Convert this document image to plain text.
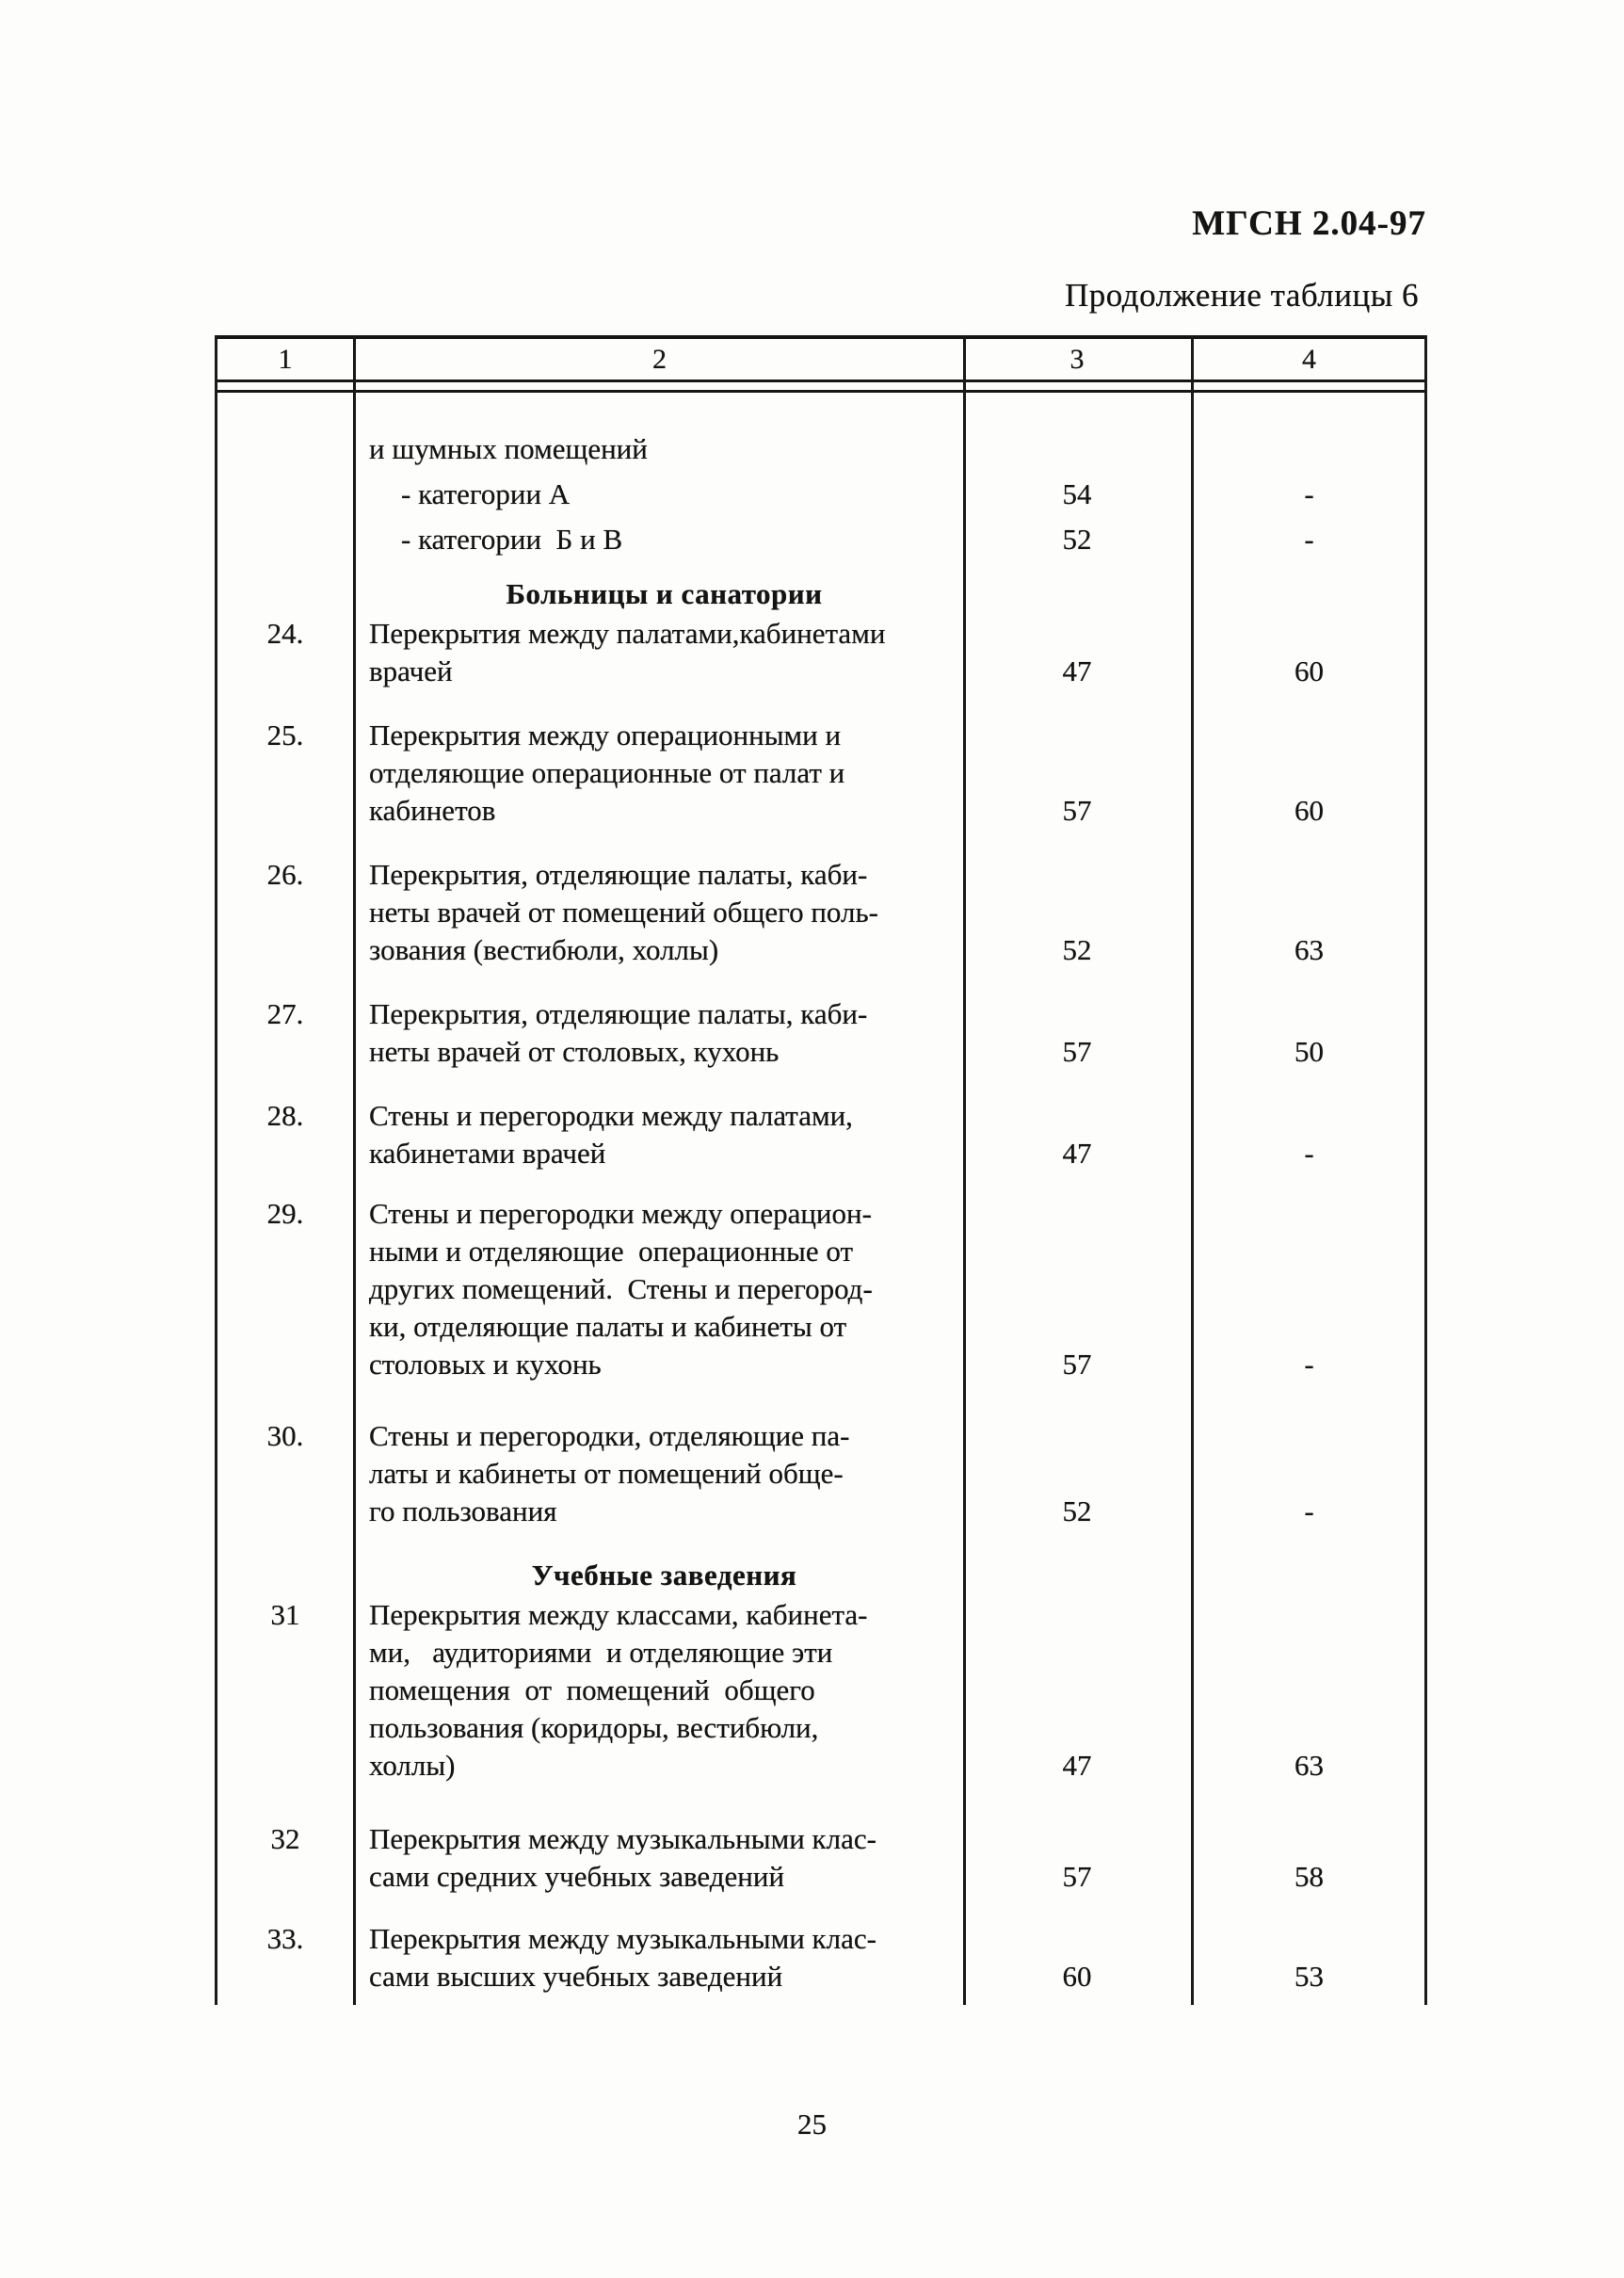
МГСН 2.04-97
Продолжение таблицы 6
1	2	3	4
и шумных помещений
- категории А	54	-
- категории  Б и В	52	-
Больницы и санатории
24.	Перекрытия между палатами,кабинетами
врачей	47	60
25.	Перекрытия между операционными и
отделяющие операционные от палат и
кабинетов	57	60
26.	Перекрытия, отделяющие палаты, каби-
неты врачей от помещений общего поль-
зования (вестибюли, холлы)	52	63
27.	Перекрытия, отделяющие палаты, каби-
неты врачей от столовых, кухонь	57	50
28.	Стены и перегородки между палатами,
кабинетами врачей	47	-
29.	Стены и перегородки между операцион-
ными и отделяющие  операционные от
других помещений.  Стены и перегород-
ки, отделяющие палаты и кабинеты от
столовых и кухонь	57	-
30.	Стены и перегородки, отделяющие па-
латы и кабинеты от помещений обще-
го пользования	52	-
Учебные заведения
31	Перекрытия между классами, кабинета-
ми,   аудиториями  и отделяющие эти
помещения  от  помещений  общего
пользования (коридоры, вестибюли,
холлы)	47	63
32	Перекрытия между музыкальными клас-
сами средних учебных заведений	57	58
33.	Перекрытия между музыкальными клас-
сами высших учебных заведений	60	53
25
